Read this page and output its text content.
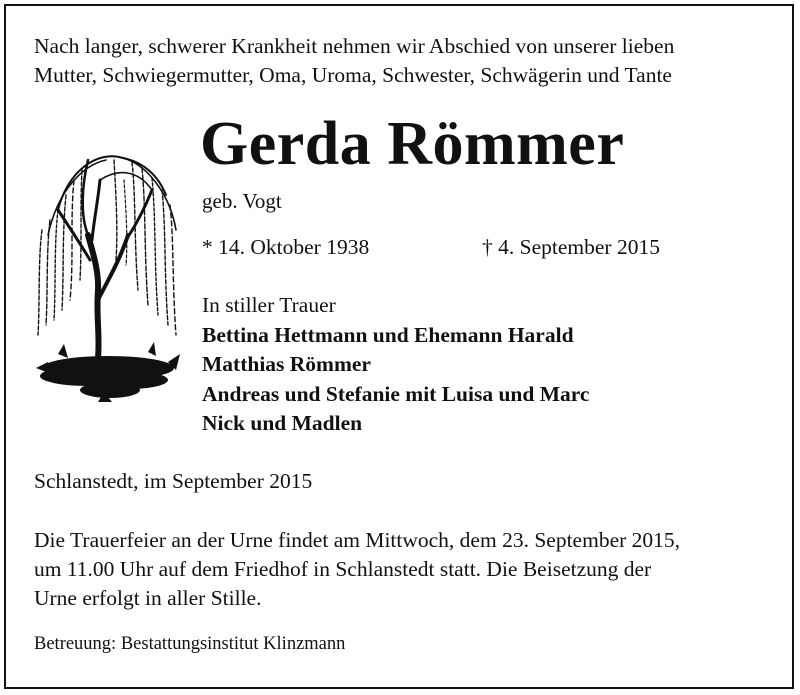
Nach langer, schwerer Krankheit nehmen wir Abschied von unserer lieben
Mutter, Schwiegermutter, Oma, Uroma, Schwester, Schwägerin und Tante
Gerda Römmer
geb. Vogt
* 14. Oktober 1938	† 4. September 2015
In stiller Trauer
Bettina Hettmann und Ehemann Harald
Matthias Römmer
Andreas und Stefanie mit Luisa und Marc
Nick und Madlen
Schlanstedt, im September 2015
Die Trauerfeier an der Urne findet am Mittwoch, dem 23. September 2015,
um 11.00 Uhr auf dem Friedhof in Schlanstedt statt. Die Beisetzung der
Urne erfolgt in aller Stille.
Betreuung: Bestattungsinstitut Klinzmann
